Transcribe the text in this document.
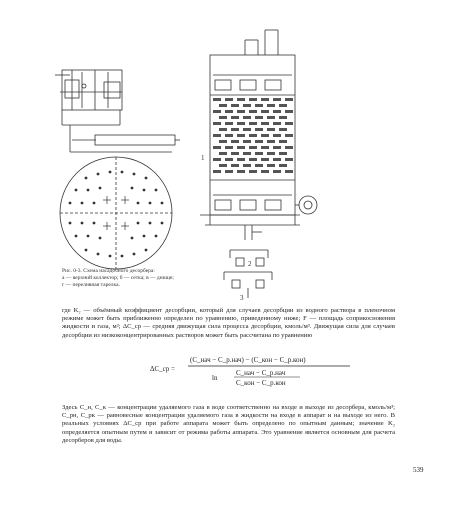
1
2
3
Рис. 0-3. Схема насадочного десорбера:
а — верхний коллектор; б — сетка; в — днище;
г — переливная тарелка.

где K₂ — объёмный коэффициент десорбции, который для случаев десорбции из водного раствора в пленочном режиме может быть приближенно определен по уравнению, приведенному ниже; F — площадь соприкосновения жидкости и газа, м²; ΔC_ср — средняя движущая сила процесса десорбции, кмоль/м³. Движущая сила для случаев десорбции из низкоконцентрированных растворов может быть рассчитана по уравнению

ΔC_ср =
(C_нач − C_р.нач) − (C_кон − C_р.кон)
ln
C_нач − C_р.нач
C_кон − C_р.кон

Здесь C_н, C_к — концентрации удаляемого газа в воде соответственно на входе и выходе из десорбера, кмоль/м³; C_pн, C_pк — равновесные концентрации удаляемого газа в жидкости на входе в аппарат и на выходе из него. В реальных условиях ΔC_ср при работе аппарата может быть определено по опытным данным; значение K₂ определяется опытным путем и зависит от режима работы аппарата. Это уравнение является основным для расчета десорберов для воды.

539
